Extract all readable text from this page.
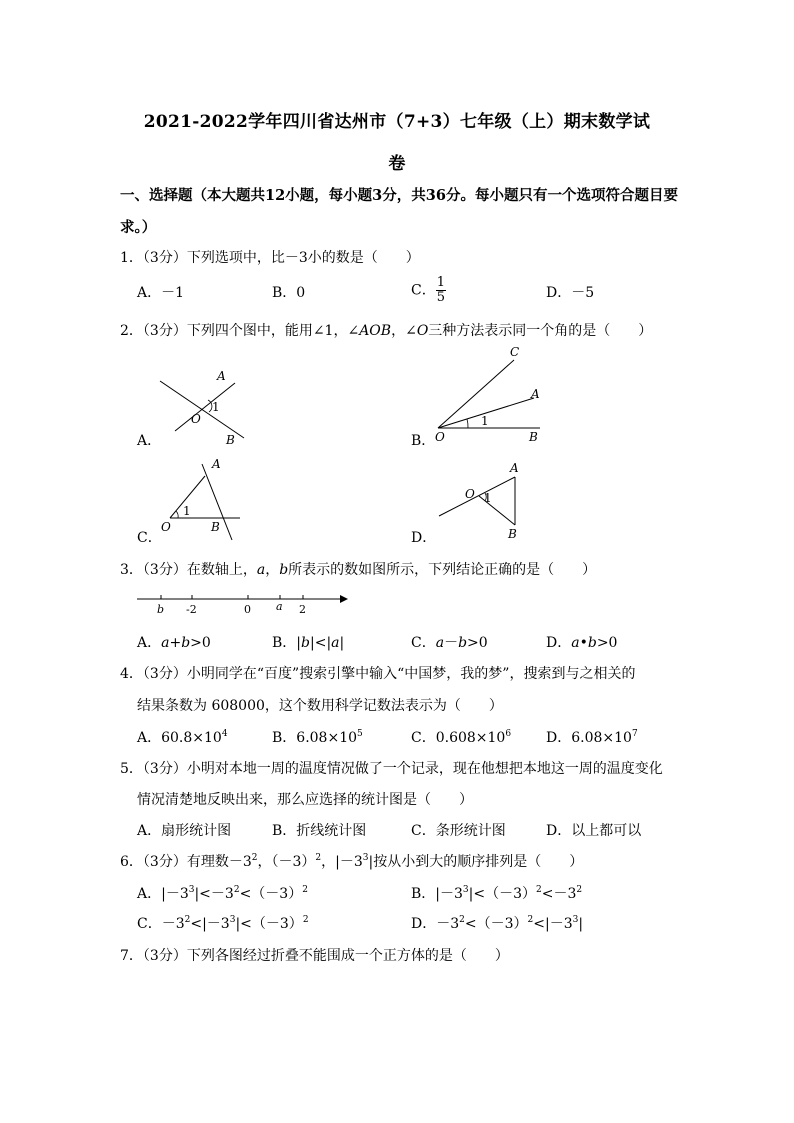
2021-2022学年四川省达州市（7+3）七年级（上）期末数学试
卷
一、选择题（本大题共12小题，每小题3分，共36分。每小题只有一个选项符合题目要
求。）
1．（3分）下列选项中，比－3小的数是（　　）
A．－1	B．0	C． $\frac{1}{5}$	D．－5
2．（3分）下列四个图中，能用∠1，∠AOB，∠O三种方法表示同一个角的是（　　）
A．
A
1
O
B	B．
C
A
1
O	B
C．
A
1
O	B
D．
A
O 1
B
3．（3分）在数轴上，a，b所表示的数如图所示，下列结论正确的是（　　）
b -2	0 a 2
A．a+b>0	B．|b|<|a|	C．a－b>0	D．a•b>0
4．（3分）小明同学在“百度”搜索引擎中输入“中国梦，我的梦”，搜索到与之相关的
结果条数为 608000，这个数用科学记数法表示为（　　）
A．$60.8\times 10^4$	B．$6.08\times 10^5$	C．$0.608\times 10^6$ D．$6.08\times 10^7$
5．（3分）小明对本地一周的温度情况做了一个记录，现在他想把本地这一周的温度变化
情况清楚地反映出来，那么应选择的统计图是（　　）
A．扇形统计图	B．折线统计图	C．条形统计图	D．以上都可以
6．（3分）有理数$-3^2$，$(-3)^2$，$|-3^3|$按从小到大的顺序排列是（　　）
A．$|-3^3|<-3^2<(-3)^2$	B．$|-3^3|<(-3)^2<-3^2$
C．$-3^2<|-3^3|<(-3)^2$	D．$-3^2<(-3)^2<|-3^3|$
7．（3分）下列各图经过折叠不能围成一个正方体的是（　　）
